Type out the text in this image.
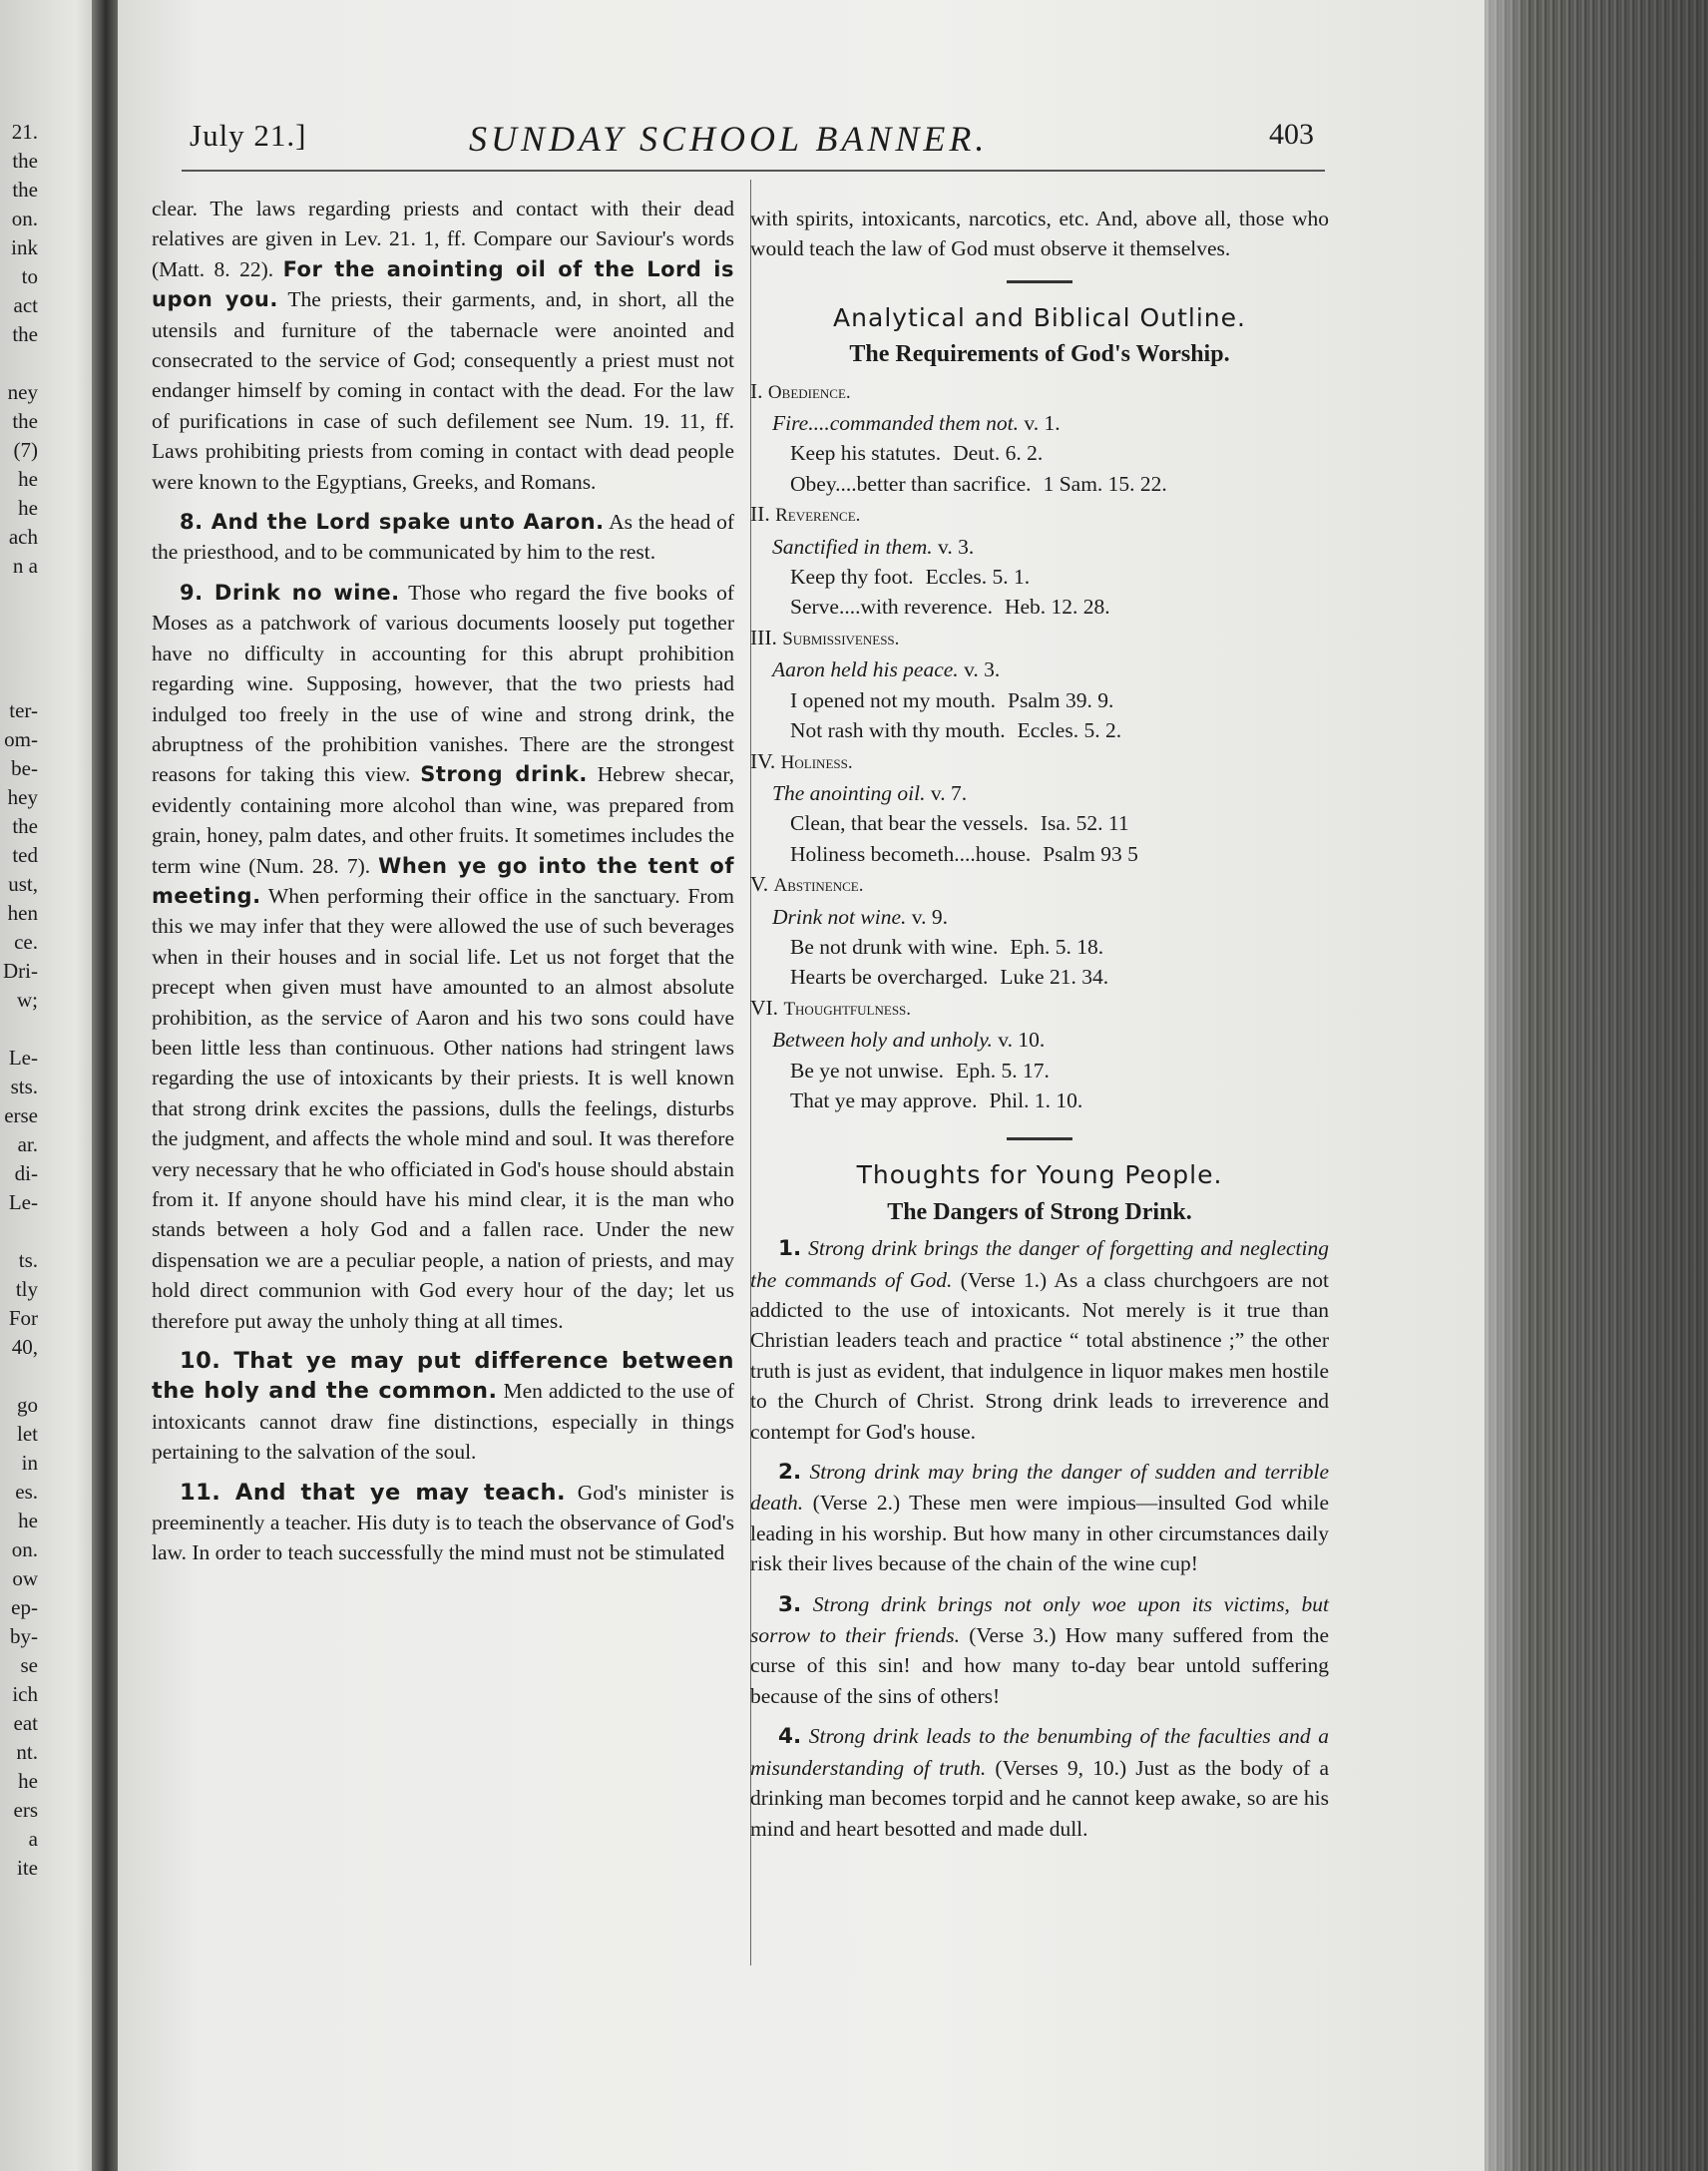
21.
the
the
on.
ink
to
act
the
ney
the
(7)
he
he
ach
n a
ter-
om-
be-
hey
the
ted
ust,
hen
ce.
Dri-
w;
Le-
sts.
erse
ar.
di-
Le-
ts.
tly
For
40,
go
let
in
es.
he
on.
ow
ep-
by-
se
ich
eat
nt.
he
ers
a
ite
July 21.]	SUNDAY SCHOOL BANNER.	403

clear. The laws regarding priests and contact with their dead relatives are given in Lev. 21. 1, ff. Compare our Saviour's words (Matt. 8. 22). For the anointing oil of the Lord is upon you. The priests, their garments, and, in short, all the utensils and furniture of the tabernacle were anointed and consecrated to the service of God; consequently a priest must not endanger himself by coming in contact with the dead. For the law of purifications in case of such defilement see Num. 19. 11, ff. Laws prohibiting priests from coming in contact with dead people were known to the Egyptians, Greeks, and Romans.

8. And the Lord spake unto Aaron. As the head of the priesthood, and to be communicated by him to the rest.

9. Drink no wine. Those who regard the five books of Moses as a patchwork of various documents loosely put together have no difficulty in accounting for this abrupt prohibition regarding wine. Supposing, however, that the two priests had indulged too freely in the use of wine and strong drink, the abruptness of the prohibition vanishes. There are the strongest reasons for taking this view. Strong drink. Hebrew shecar, evidently containing more alcohol than wine, was prepared from grain, honey, palm dates, and other fruits. It sometimes includes the term wine (Num. 28. 7). When ye go into the tent of meeting. When performing their office in the sanctuary. From this we may infer that they were allowed the use of such beverages when in their houses and in social life. Let us not forget that the precept when given must have amounted to an almost absolute prohibition, as the service of Aaron and his two sons could have been little less than continuous. Other nations had stringent laws regarding the use of intoxicants by their priests. It is well known that strong drink excites the passions, dulls the feelings, disturbs the judgment, and affects the whole mind and soul. It was therefore very necessary that he who officiated in God's house should abstain from it. If anyone should have his mind clear, it is the man who stands between a holy God and a fallen race. Under the new dispensation we are a peculiar people, a nation of priests, and may hold direct communion with God every hour of the day; let us therefore put away the unholy thing at all times.

10. That ye may put difference between the holy and the common. Men addicted to the use of intoxicants cannot draw fine distinctions, especially in things pertaining to the salvation of the soul.

11. And that ye may teach. God's minister is preeminently a teacher. His duty is to teach the observance of God's law. In order to teach successfully the mind must not be stimulated

with spirits, intoxicants, narcotics, etc. And, above all, those who would teach the law of God must observe it themselves.

Analytical and Biblical Outline.
The Requirements of God's Worship.
I. Obedience.
Fire....commanded them not. v. 1.
Keep his statutes. Deut. 6. 2.
Obey....better than sacrifice. 1 Sam. 15. 22.
II. Reverence.
Sanctified in them. v. 3.
Keep thy foot. Eccles. 5. 1.
Serve....with reverence. Heb. 12. 28.
III. Submissiveness.
Aaron held his peace. v. 3.
I opened not my mouth. Psalm 39. 9.
Not rash with thy mouth. Eccles. 5. 2.
IV. Holiness.
The anointing oil. v. 7.
Clean, that bear the vessels. Isa. 52. 11
Holiness becometh....house. Psalm 93 5
V. Abstinence.
Drink not wine. v. 9.
Be not drunk with wine. Eph. 5. 18.
Hearts be overcharged. Luke 21. 34.
VI. Thoughtfulness.
Between holy and unholy. v. 10.
Be ye not unwise. Eph. 5. 17.
That ye may approve. Phil. 1. 10.
Thoughts for Young People.
The Dangers of Strong Drink.

1. Strong drink brings the danger of forgetting and neglecting the commands of God. (Verse 1.) As a class churchgoers are not addicted to the use of intoxicants. Not merely is it true than Christian leaders teach and practice “ total abstinence ;” the other truth is just as evident, that indulgence in liquor makes men hostile to the Church of Christ. Strong drink leads to irreverence and contempt for God's house.

2. Strong drink may bring the danger of sudden and terrible death. (Verse 2.) These men were impious—insulted God while leading in his worship. But how many in other circumstances daily risk their lives because of the chain of the wine cup!

3. Strong drink brings not only woe upon its victims, but sorrow to their friends. (Verse 3.) How many suffered from the curse of this sin! and how many to-day bear untold suffering because of the sins of others!

4. Strong drink leads to the benumbing of the faculties and a misunderstanding of truth. (Verses 9, 10.) Just as the body of a drinking man becomes torpid and he cannot keep awake, so are his mind and heart besotted and made dull.
